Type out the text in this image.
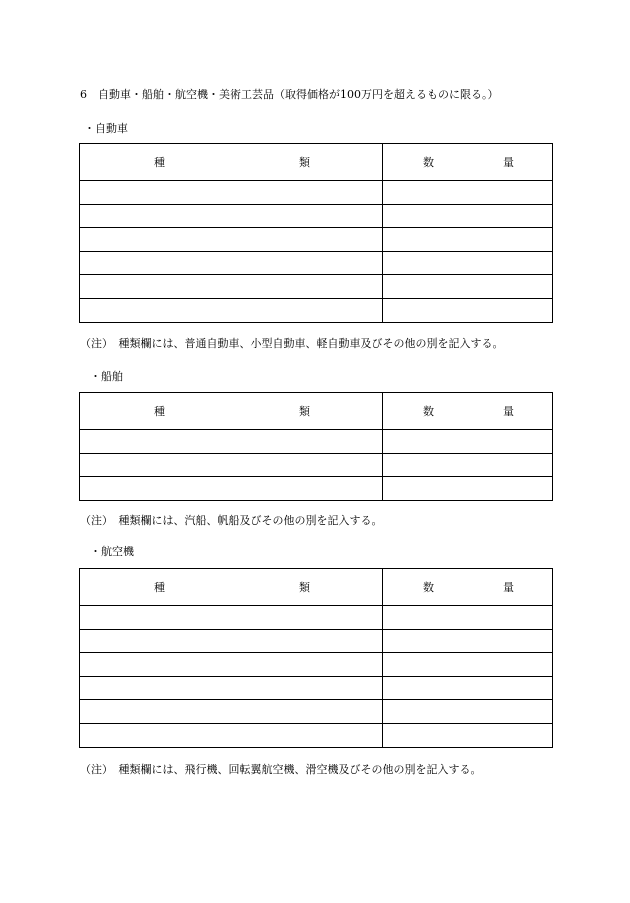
6　自動車・船舶・航空機・美術工芸品（取得価格が100万円を超えるものに限る。）
・自動車
種 類	数 量

（注）　種類欄には、普通自動車、小型自動車、軽自動車及びその他の別を記入する。
・船舶
種 類	数 量

（注）　種類欄には、汽船、帆船及びその他の別を記入する。
・航空機
種 類	数 量

（注）　種類欄には、飛行機、回転翼航空機、滑空機及びその他の別を記入する。
